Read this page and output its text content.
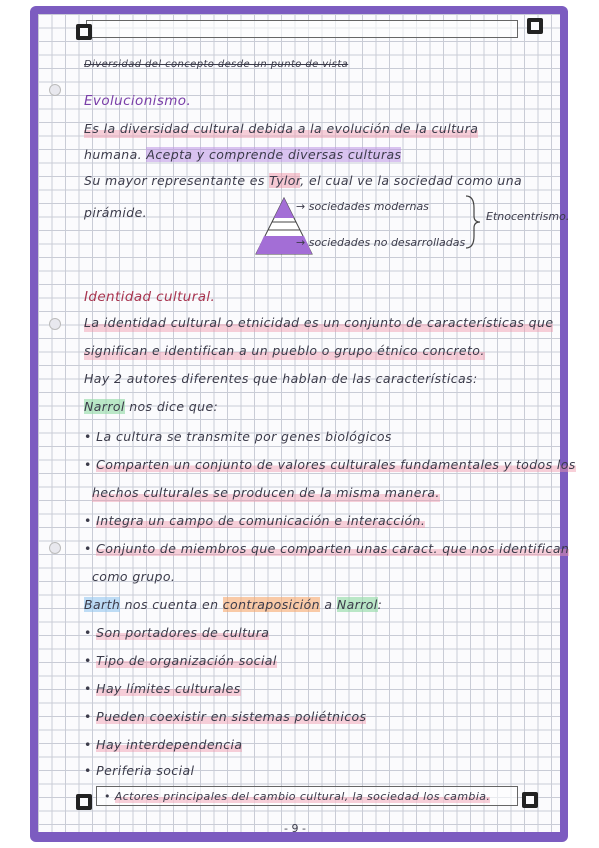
Diversidad del concepto desde un punto de vista
Evolucionismo.
Es la diversidad cultural debida a la evolución de la cultura
humana. Acepta y comprende diversas culturas
Su mayor representante es Tylor, el cual ve la sociedad como una
pirámide.	→ sociedades modernas
→ sociedades no desarrolladas
Etnocentrismo.
Identidad cultural.
La identidad cultural o etnicidad es un conjunto de características que
significan e identifican a un pueblo o grupo étnico concreto.
Hay 2 autores diferentes que hablan de las características:
Narrol nos dice que:
• La cultura se transmite por genes biológicos
• Comparten un conjunto de valores culturales fundamentales y todos los
hechos culturales se producen de la misma manera.
• Integra un campo de comunicación e interacción.
• Conjunto de miembros que comparten unas caract. que nos identifican
como grupo.
Barth nos cuenta en contraposición a Narrol:
• Son portadores de cultura
• Tipo de organización social
• Hay límites culturales
• Pueden coexistir en sistemas poliétnicos
• Hay interdependencia
• Periferia social
• Actores principales del cambio cultural, la sociedad los cambia.
- 9 -
